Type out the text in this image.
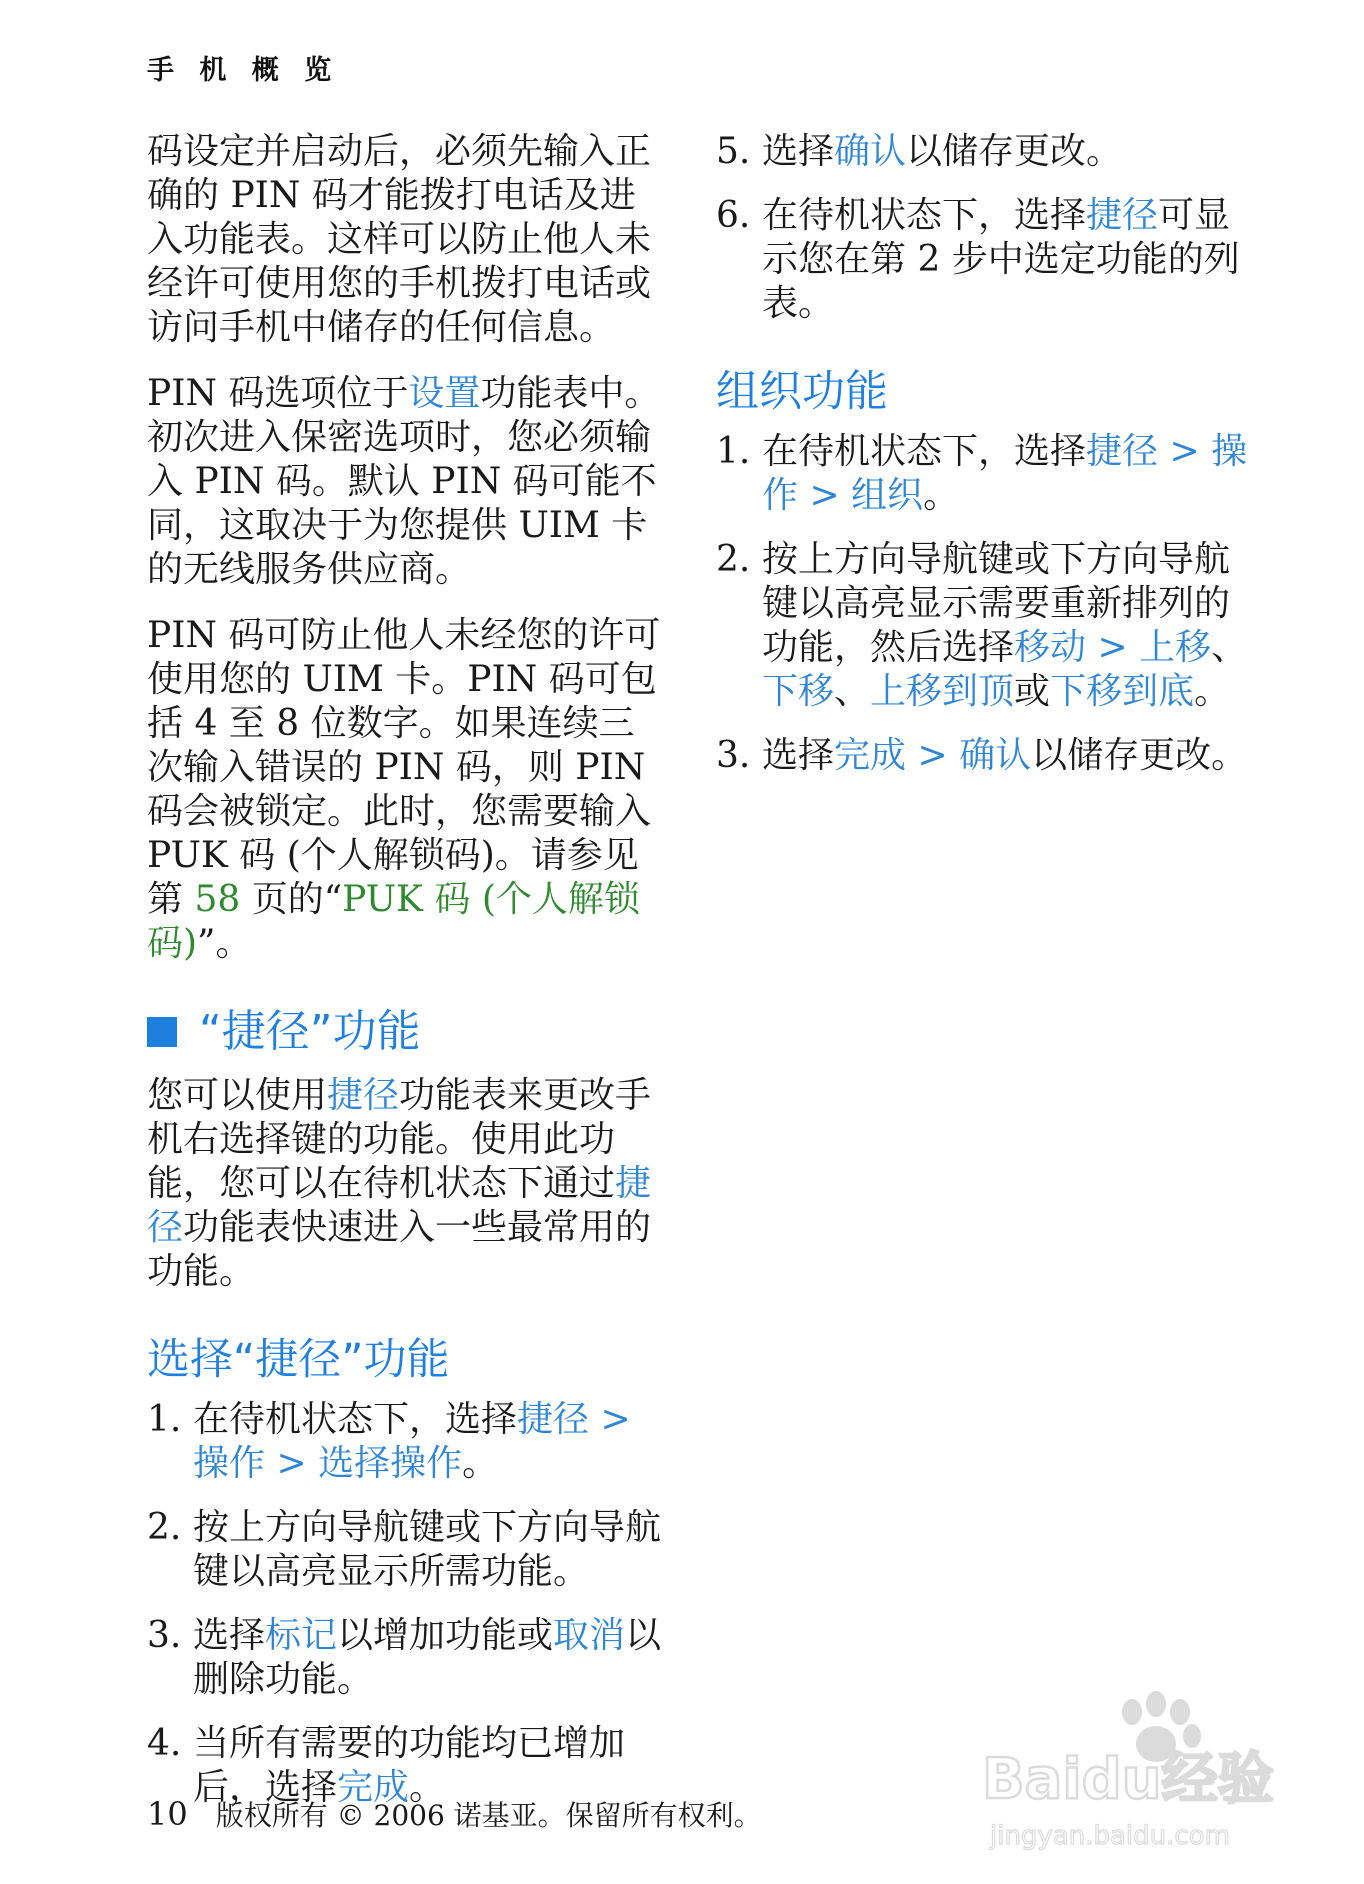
手 机 概 览

码设定并启动后，必须先输入正确的 PIN 码才能拨打电话及进入功能表。这样可以防止他人未经许可使用您的手机拨打电话或访问手机中储存的任何信息。

PIN 码选项位于设置功能表中。初次进入保密选项时，您必须输入 PIN 码。默认 PIN 码可能不同，这取决于为您提供 UIM 卡的无线服务供应商。

PIN 码可防止他人未经您的许可使用您的 UIM 卡。PIN 码可包括 4 至 8 位数字。如果连续三次输入错误的 PIN 码，则 PIN 码会被锁定。此时，您需要输入 PUK 码 (个人解锁码)。请参见第 58 页的“PUK 码 (个人解锁码)”。

“捷径”功能

您可以使用捷径功能表来更改手机右选择键的功能。使用此功能，您可以在待机状态下通过捷径功能表快速进入一些最常用的功能。

选择“捷径”功能
1. 在待机状态下，选择捷径 > 操作 > 选择操作。
2. 按上方向导航键或下方向导航键以高亮显示所需功能。
3. 选择标记以增加功能或取消以删除功能。
4. 当所有需要的功能均已增加后，选择完成。
5. 选择确认以储存更改。
6. 在待机状态下，选择捷径可显示您在第 2 步中选定功能的列表。
组织功能
1. 在待机状态下，选择捷径 > 操作 > 组织。
2. 按上方向导航键或下方向导航键以高亮显示需要重新排列的功能，然后选择移动 > 上移、下移、上移到顶或下移到底。
3. 选择完成 > 确认以储存更改。
10 版权所有 © 2006 诺基亚。保留所有权利。
Baidu经验
jingyan.baidu.com
